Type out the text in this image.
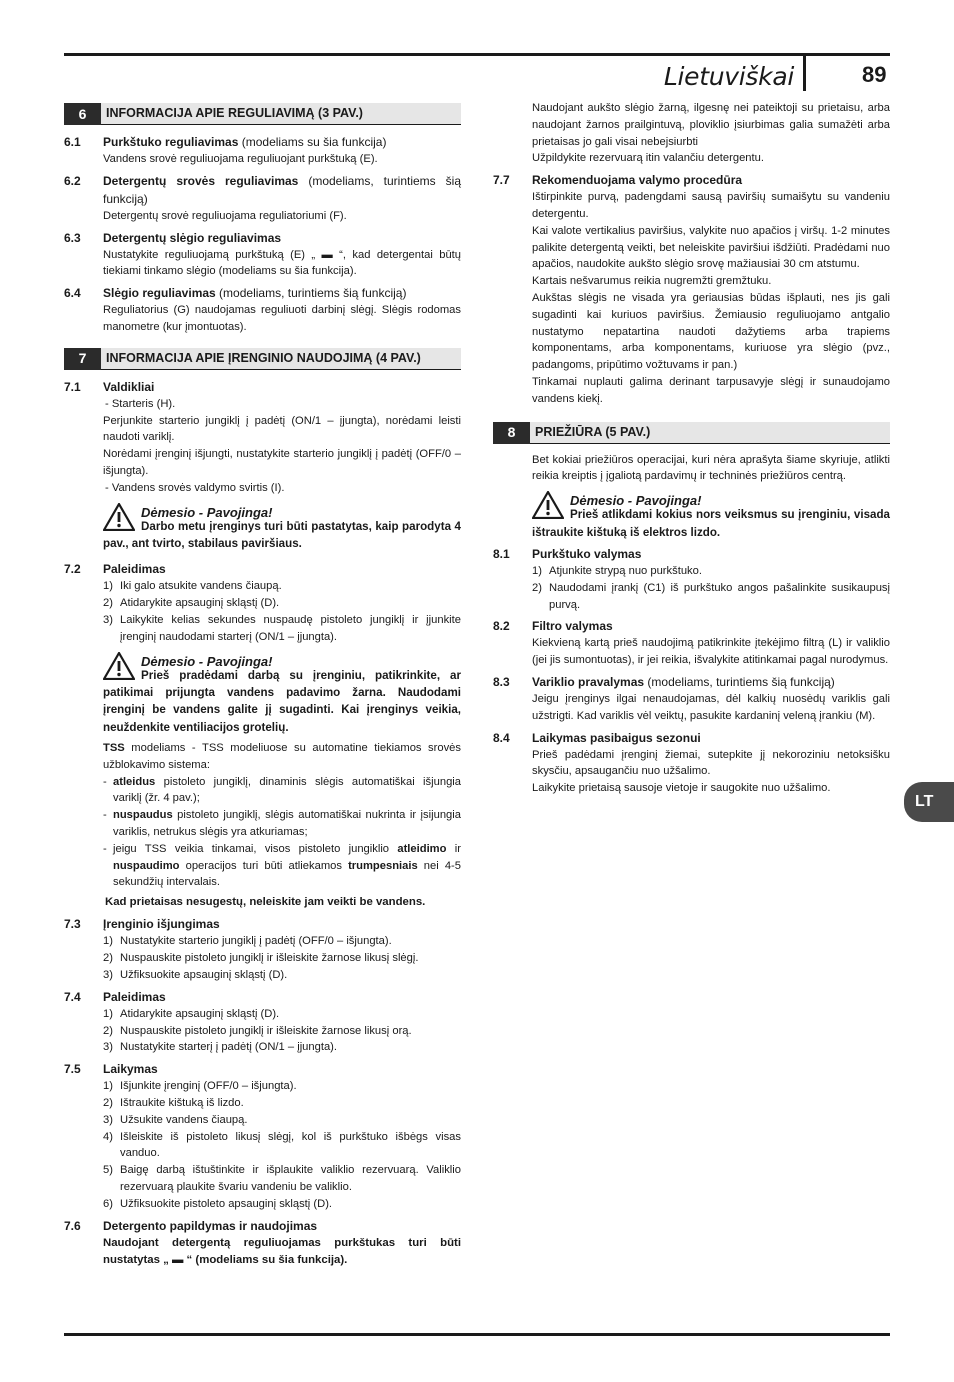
Lietuviškai	89
LT
6	INFORMACIJA APIE REGULIAVIMĄ (3 PAV.)
6.1	Purkštuko reguliavimas (modeliams su šia funkcija)
Vandens srovė reguliuojama reguliuojant purkštuką (E).
6.2	Detergentų srovės reguliavimas (modeliams, turintiems šią funkciją)
Detergentų srovė reguliuojama reguliatoriumi (F).
6.3	Detergentų slėgio reguliavimas
Nustatykite reguliuojamą purkštuką (E) „ ▬ “, kad detergentai būtų tiekiami tinkamo slėgio (modeliams su šia funkcija).
6.4	Slėgio reguliavimas (modeliams, turintiems šią funkciją)
Reguliatorius (G) naudojamas reguliuoti darbinį slėgį. Slėgis rodomas manometre (kur įmontuotas).
7	INFORMACIJA APIE ĮRENGINIO NAUDOJIMĄ (4 PAV.)
7.1	Valdikliai
- Starteris (H).
Perjunkite starterio jungiklį į padėtį (ON/1 – įjungta), norėdami leisti naudoti variklį.
Norėdami įrenginį išjungti, nustatykite starterio jungiklį į padėtį (OFF/0 – išjungta).
- Vandens srovės valdymo svirtis (I).
Dėmesio - Pavojinga!
Darbo metu įrenginys turi būti pastatytas, kaip parodyta 4 pav., ant tvirto, stabilaus paviršiaus.
7.2	Paleidimas
1) Iki galo atsukite vandens čiaupą.
2) Atidarykite apsauginį skląstį (D).
3) Laikykite kelias sekundes nuspaudę pistoleto jungiklį ir įjunkite įrenginį naudodami starterį (ON/1 – įjungta).
Dėmesio - Pavojinga!
Prieš pradėdami darbą su įrenginiu, patikrinkite, ar patikimai prijungta vandens padavimo žarna. Naudodami įrenginį be vandens galite jį sugadinti. Kai įrenginys veikia, neuždenkite ventiliacijos grotelių.
TSS modeliams - TSS modeliuose su automatine tiekiamos srovės užblokavimo sistema:
- atleidus pistoleto jungiklį, dinaminis slėgis automatiškai išjungia variklį (žr. 4 pav.);
- nuspaudus pistoleto jungiklį, slėgis automatiškai nukrinta ir įsijungia variklis, netrukus slėgis yra atkuriamas;
- jeigu TSS veikia tinkamai, visos pistoleto jungiklio atleidimo ir nuspaudimo operacijos turi būti atliekamos trumpesniais nei 4-5 sekundžių intervalais.
Kad prietaisas nesugestų, neleiskite jam veikti be vandens.
7.3	Įrenginio išjungimas
1) Nustatykite starterio jungiklį į padėtį (OFF/0 – išjungta).
2) Nuspauskite pistoleto jungiklį ir išleiskite žarnose likusį slėgį.
3) Užfiksuokite apsauginį skląstį (D).
7.4	Paleidimas
1) Atidarykite apsauginį skląstį (D).
2) Nuspauskite pistoleto jungiklį ir išleiskite žarnose likusį orą.
3) Nustatykite starterį į padėtį (ON/1 – įjungta).
7.5	Laikymas
1) Išjunkite įrenginį (OFF/0 – išjungta).
2) Ištraukite kištuką iš lizdo.
3) Užsukite vandens čiaupą.
4) Išleiskite iš pistoleto likusį slėgį, kol iš purkštuko išbėgs visas vanduo.
5) Baigę darbą ištuštinkite ir išplaukite valiklio rezervuarą. Valiklio rezervuarą plaukite švariu vandeniu be valiklio.
6) Užfiksuokite pistoleto apsauginį skląstį (D).
7.6	Detergento papildymas ir naudojimas
Naudojant detergentą reguliuojamas purkštukas turi būti nustatytas „ ▬ “ (modeliams su šia funkcija).
Naudojant aukšto slėgio žarną, ilgesnę nei pateiktoji su prietaisu, arba naudojant žarnos prailgintuvą, ploviklio įsiurbimas galia sumažėti arba prietaisas jo gali visai nebejsiurbti
Užpildykite rezervuarą itin valančiu detergentu.
7.7	Rekomenduojama valymo procedūra
Ištirpinkite purvą, padengdami sausą paviršių sumaišytu su vandeniu detergentu.
Kai valote vertikalius paviršius, valykite nuo apačios į viršų. 1-2 minutes palikite detergentą veikti, bet neleiskite paviršiui išdžiūti. Pradėdami nuo apačios, naudokite aukšto slėgio srovę mažiausiai 30 cm atstumu.
Kartais nešvarumus reikia nugremžti gremžtuku.
Aukštas slėgis ne visada yra geriausias būdas išplauti, nes jis gali sugadinti kai kuriuos paviršius. Žemiausio reguliuojamo antgalio nustatymo nepatartina naudoti dažytiems arba trapiems komponentams, arba komponentams, kuriuose yra slėgio (pvz., padangoms, pripūtimo vožtuvams ir pan.)
Tinkamai nuplauti galima derinant tarpusavyje slėgį ir sunaudojamo vandens kiekį.
8	PRIEŽIŪRA (5 PAV.)
Bet kokiai priežiūros operacijai, kuri nėra aprašyta šiame skyriuje, atlikti reikia kreiptis į įgaliotą pardavimų ir techninės priežiūros centrą.
Dėmesio - Pavojinga!
Prieš atlikdami kokius nors veiksmus su įrenginiu, visada ištraukite kištuką iš elektros lizdo.
8.1	Purkštuko valymas
1) Atjunkite strypą nuo purkštuko.
2) Naudodami įrankį (C1) iš purkštuko angos pašalinkite susikaupusį purvą.
8.2	Filtro valymas
Kiekvieną kartą prieš naudojimą patikrinkite įtekėjimo filtrą (L) ir valiklio (jei jis sumontuotas), ir jei reikia, išvalykite atitinkamai pagal nurodymus.
8.3	Variklio pravalymas (modeliams, turintiems šią funkciją)
Jeigu įrenginys ilgai nenaudojamas, dėl kalkių nuosėdų variklis gali užstrigti. Kad variklis vėl veiktų, pasukite kardaninį veleną įrankiu (M).
8.4	Laikymas pasibaigus sezonui
Prieš padėdami įrenginį žiemai, sutepkite jį nekoroziniu netoksišku skysčiu, apsaugančiu nuo užšalimo.
Laikykite prietaisą sausoje vietoje ir saugokite nuo užšalimo.
